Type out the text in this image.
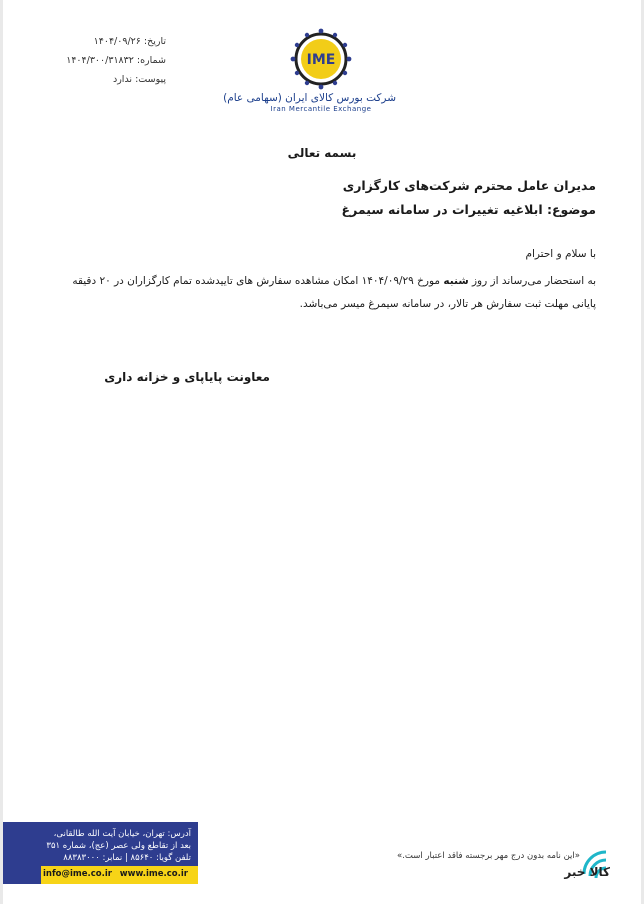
تاریخ: ۱۴۰۴/۰۹/۲۶
شماره: ۱۴۰۴/۳۰۰/۳۱۸۳۲
پیوست: ندارد
IME
شرکت بورس کالای ایران (سهامی عام)
Iran Mercantile Exchange
بسمه تعالی
مدیران عامل محترم شرکت‌های کارگزاری
موضوع: ابلاغیه تغییرات در سامانه سیمرغ
با سلام و احترام
به استحضار می‌رساند از روز شنبه مورخ ۱۴۰۴/۰۹/۲۹ امکان مشاهده سفارش های تاییدشده تمام کارگزاران در ۲۰ دقیقه پایانی مهلت ثبت سفارش هر تالار، در سامانه سیمرغ میسر می‌باشد.
معاونت پایاپای و خزانه داری
آدرس: تهران، خیابان آیت الله طالقانی،
بعد از تقاطع ولی عصر (عج)، شماره ۳۵۱
تلفن گویا: ۸۵۶۴۰ | نمابر: ۸۸۳۸۳۰۰۰
info@ime.co.ir www.ime.co.ir
«این نامه بدون درج مهر برجسته فاقد اعتبار است.»
کالا خبر
